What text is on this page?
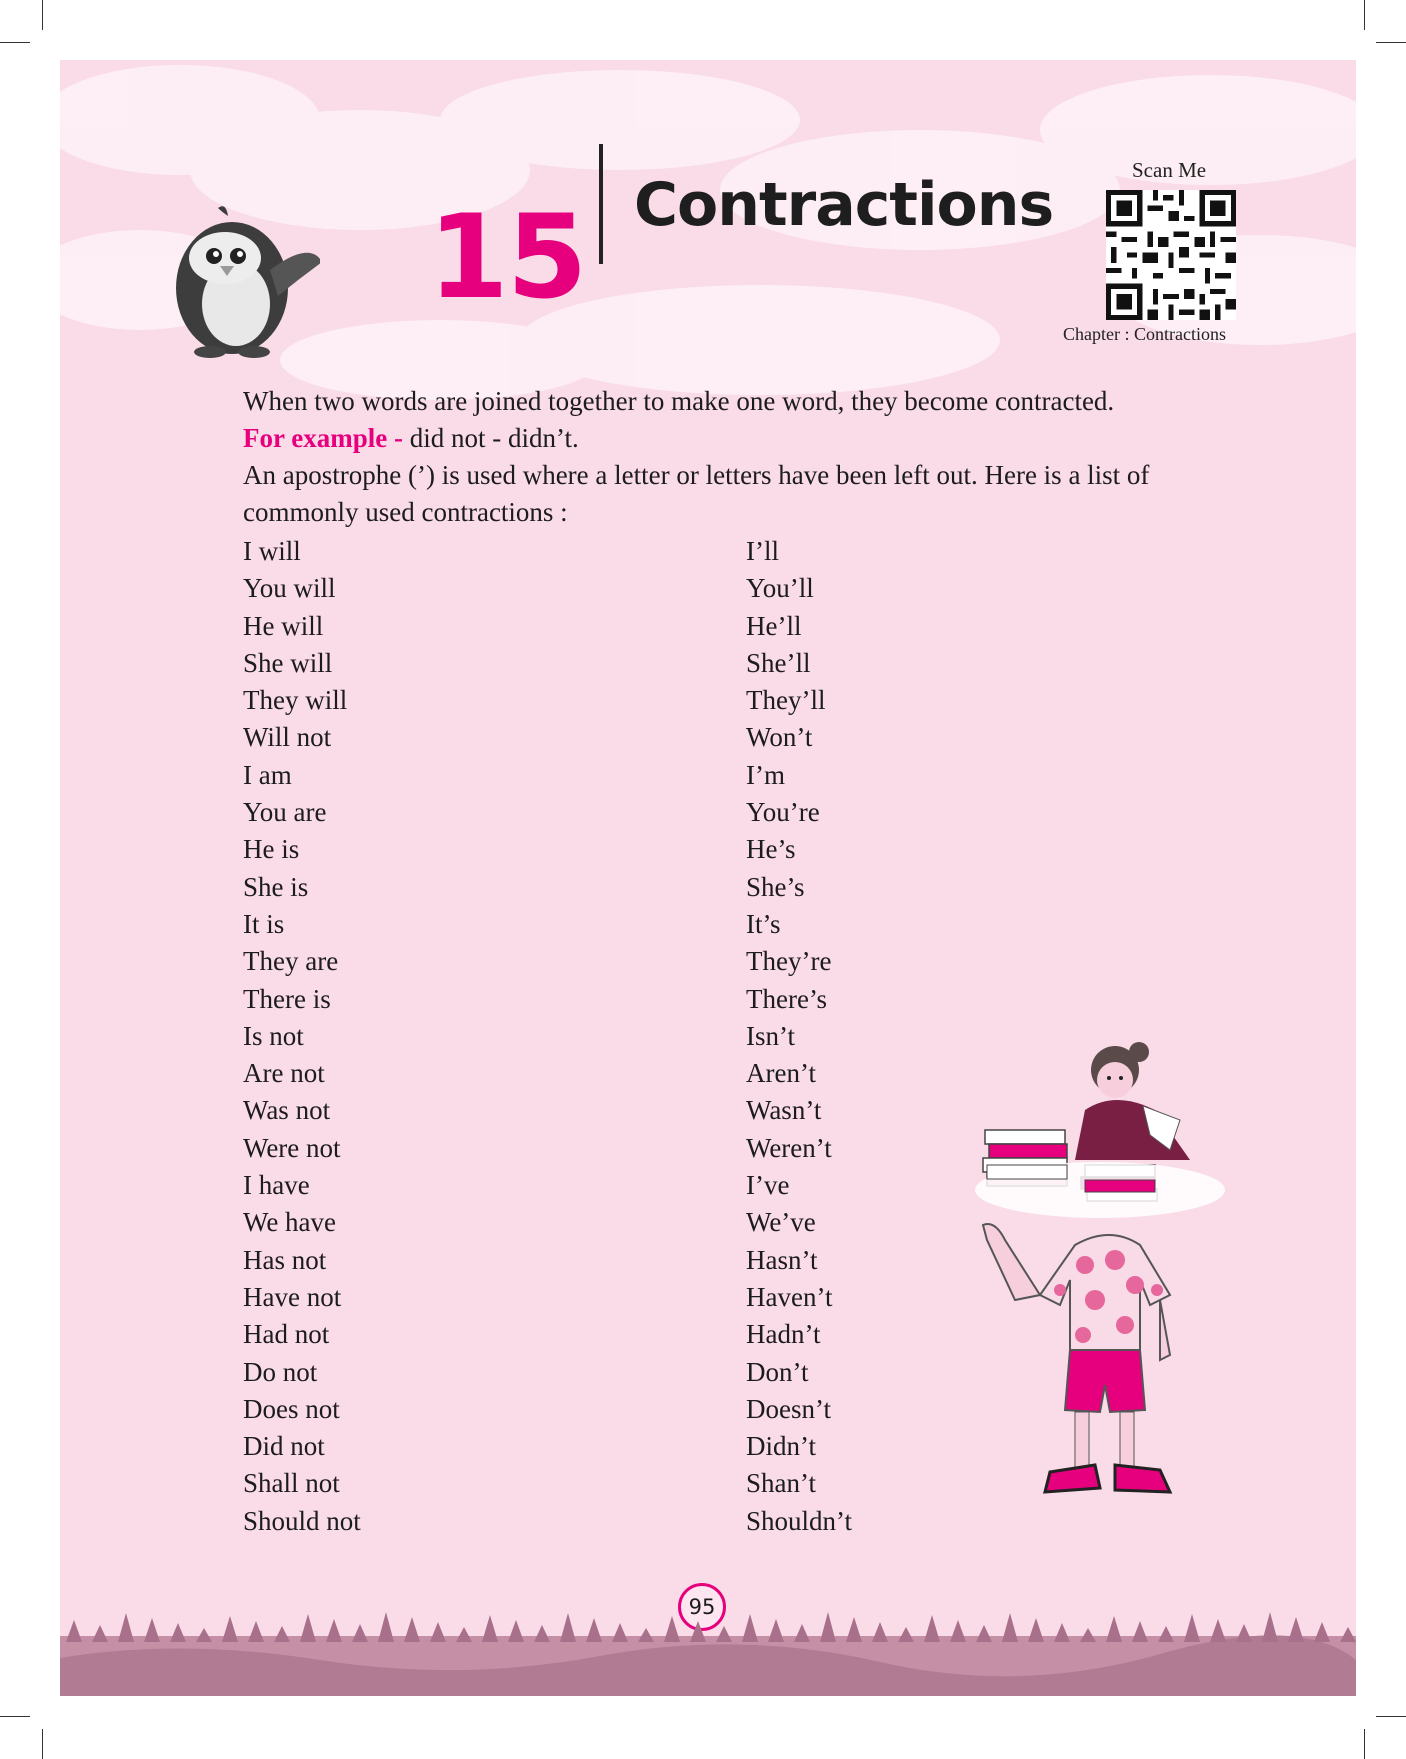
15 Contractions	Scan Me
Chapter : Contractions
When two words are joined together to make one word, they become contracted.
For example - did not - didn’t.
An apostrophe (’) is used where a letter or letters have been left out. Here is a list of
commonly used contractions :
I will
You will
He will
She will
They will
Will not
I am
You are
He is
She is
It is
They are
There is
Is not
Are not
Was not
Were not
I have
We have
Has not
Have not
Had not
Do not
Does not
Did not
Shall not
Should not
I’ll
You’ll
He’ll
She’ll
They’ll
Won’t
I’m
You’re
He’s
She’s
It’s
They’re
There’s
Isn’t
Aren’t
Wasn’t
Weren’t
I’ve
We’ve
Hasn’t
Haven’t
Hadn’t
Don’t
Doesn’t
Didn’t
Shan’t
Shouldn’t
95
